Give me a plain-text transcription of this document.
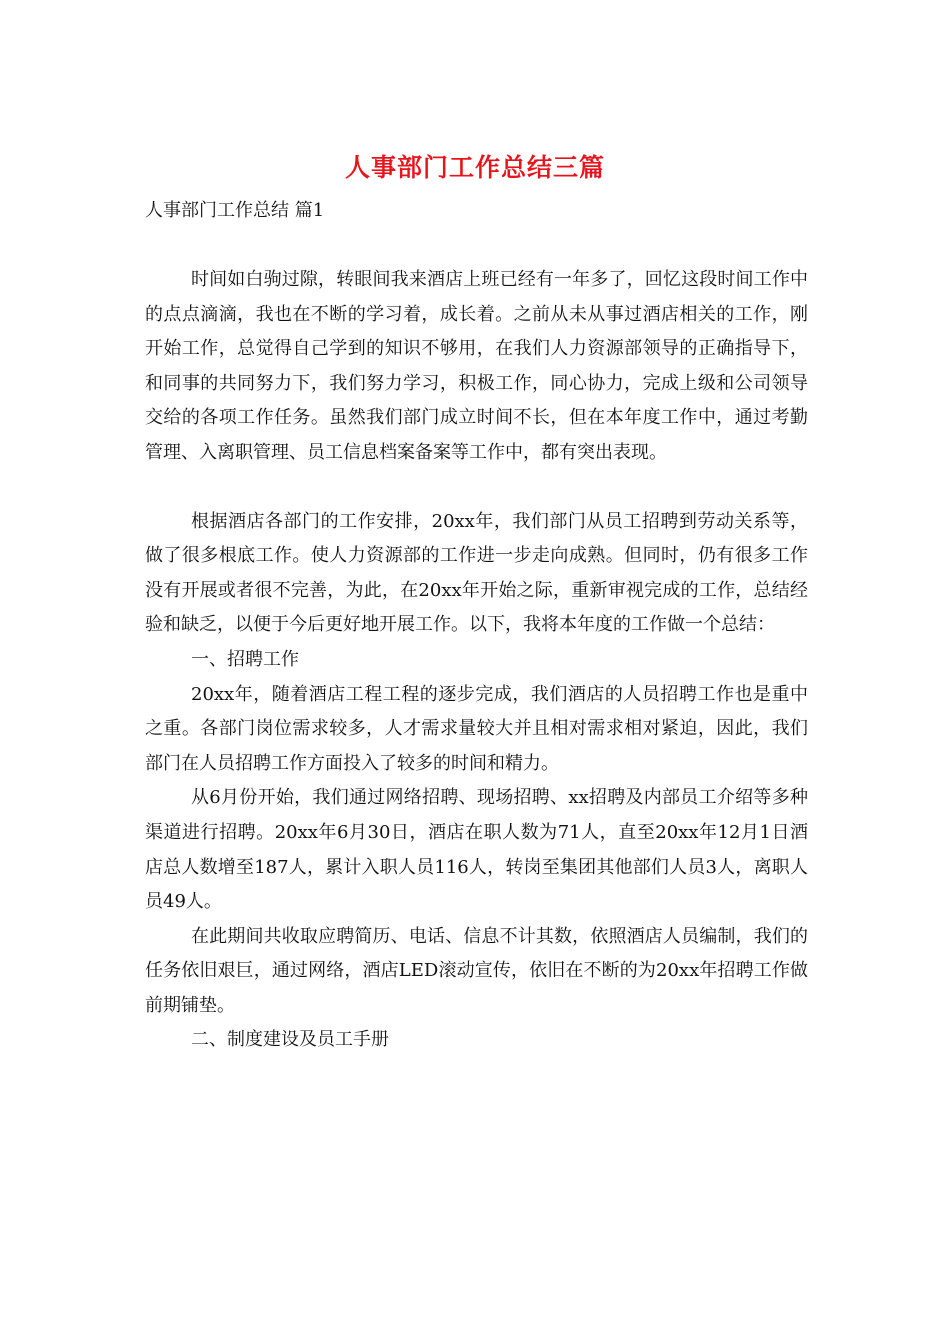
人事部门工作总结三篇
人事部门工作总结 篇1

时间如白驹过隙，转眼间我来酒店上班已经有一年多了，回忆这段时间工作中的点点滴滴，我也在不断的学习着，成长着。之前从未从事过酒店相关的工作，刚开始工作，总觉得自己学到的知识不够用，在我们人力资源部领导的正确指导下，和同事的共同努力下，我们努力学习，积极工作，同心协力，完成上级和公司领导交给的各项工作任务。虽然我们部门成立时间不长，但在本年度工作中，通过考勤管理、入离职管理、员工信息档案备案等工作中，都有突出表现。

根据酒店各部门的工作安排，20xx年，我们部门从员工招聘到劳动关系等，做了很多根底工作。使人力资源部的工作进一步走向成熟。但同时，仍有很多工作没有开展或者很不完善，为此，在20xx年开始之际，重新审视完成的工作，总结经验和缺乏，以便于今后更好地开展工作。以下，我将本年度的工作做一个总结：

一、招聘工作

20xx年，随着酒店工程工程的逐步完成，我们酒店的人员招聘工作也是重中之重。各部门岗位需求较多，人才需求量较大并且相对需求相对紧迫，因此，我们部门在人员招聘工作方面投入了较多的时间和精力。

从6月份开始，我们通过网络招聘、现场招聘、xx招聘及内部员工介绍等多种渠道进行招聘。20xx年6月30日，酒店在职人数为71人，直至20xx年12月1日酒店总人数增至187人，累计入职人员116人，转岗至集团其他部们人员3人，离职人员49人。

在此期间共收取应聘简历、电话、信息不计其数，依照酒店人员编制，我们的任务依旧艰巨，通过网络，酒店LED滚动宣传，依旧在不断的为20xx年招聘工作做前期铺垫。

二、制度建设及员工手册
